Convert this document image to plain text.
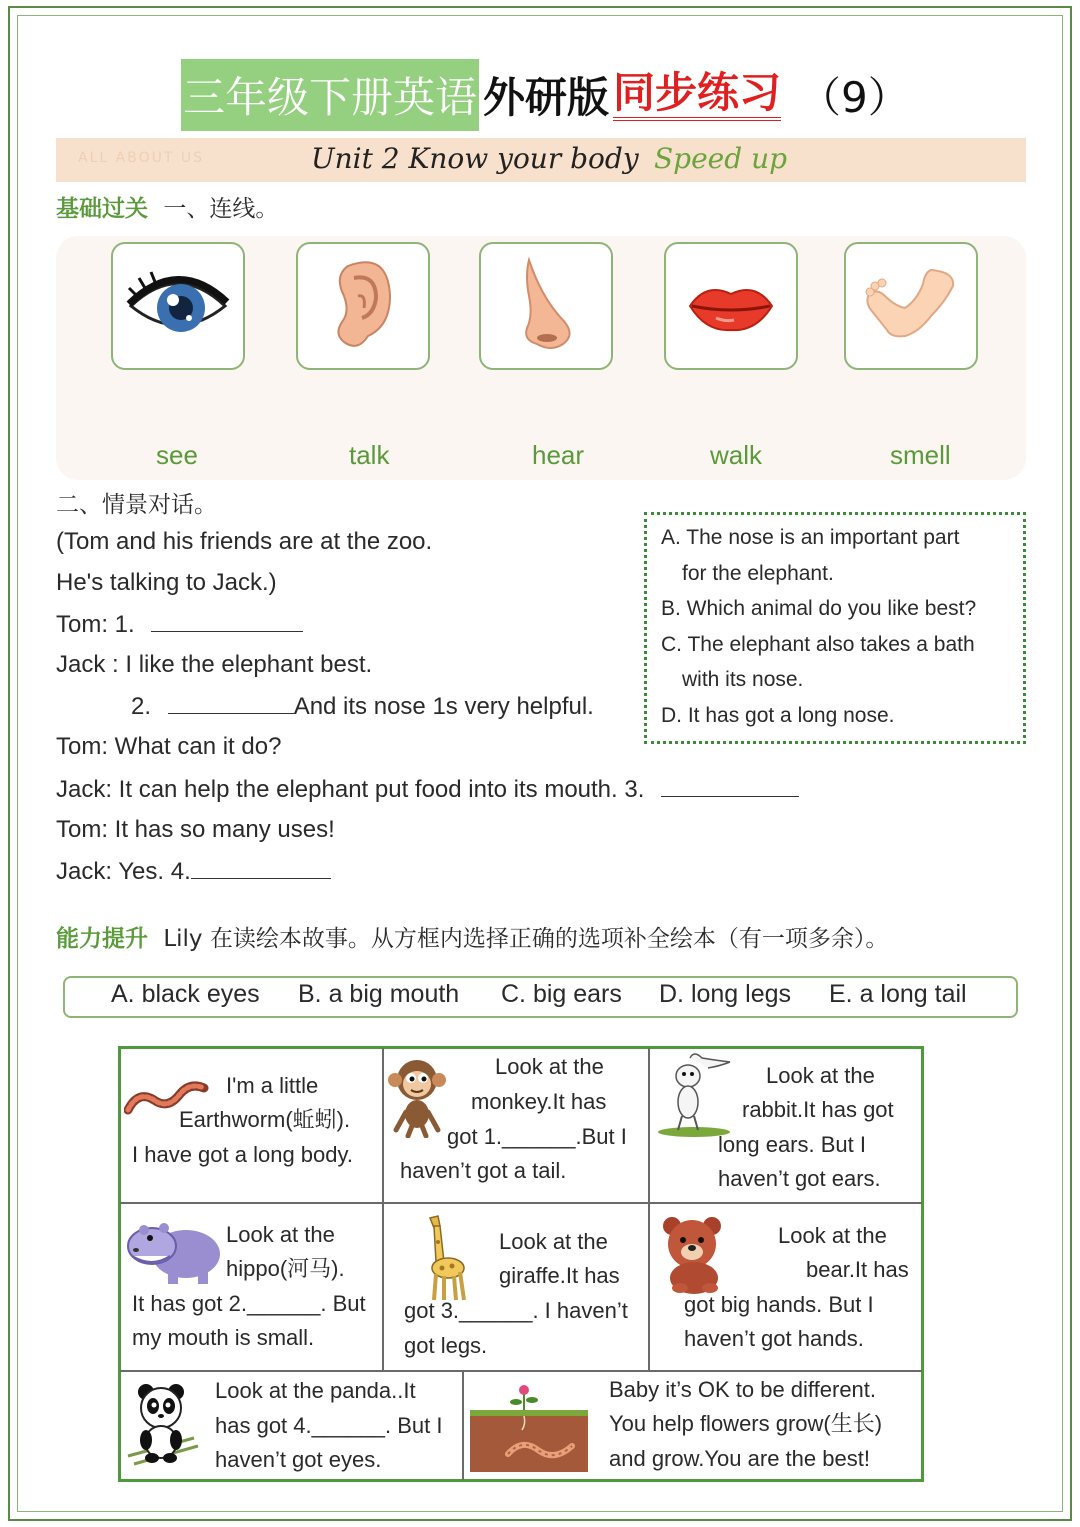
三年级下册英语 外研版 同步练习 （9）
ALL ABOUT US	Unit 2 Know your body Speed up
基础过关 一、连线。
see	talk	hear	walk	smell
二、情景对话。
(Tom and his friends are at the zoo.
He's talking to Jack.)
Tom: 1.
Jack : I like the elephant best.
2.	And its nose 1s very helpful.
Tom: What can it do?
Jack: It can help the elephant put food into its mouth. 3.
Tom: It has so many uses!
Jack: Yes. 4.
A. The nose is an important part
for the elephant.
B. Which animal do you like best?
C. The elephant also takes a bath
with its nose.
D. It has got a long nose.
能力提升 Lily 在读绘本故事。从方框内选择正确的选项补全绘本（有一项多余）。
A. black eyes B. a big mouth C. big ears D. long legs E. a long tail
I'm a little
Earthworm(蚯蚓).
I have got a long body.
Look at the
monkey.It has
got 1.______.But I
haven’t got a tail.
Look at the
rabbit.It has got
long ears. But I
haven’t got ears.
Look at the
hippo(河马).
It has got 2.______. But
my mouth is small.
Look at the
giraffe.It has
got 3.______. I haven’t
got legs.
Look at the
bear.It has
got big hands. But I
haven’t got hands.
Look at the panda..It
has got 4.______. But I
haven’t got eyes.
Baby it’s OK to be different.
You help flowers grow(生长)
and grow.You are the best!
